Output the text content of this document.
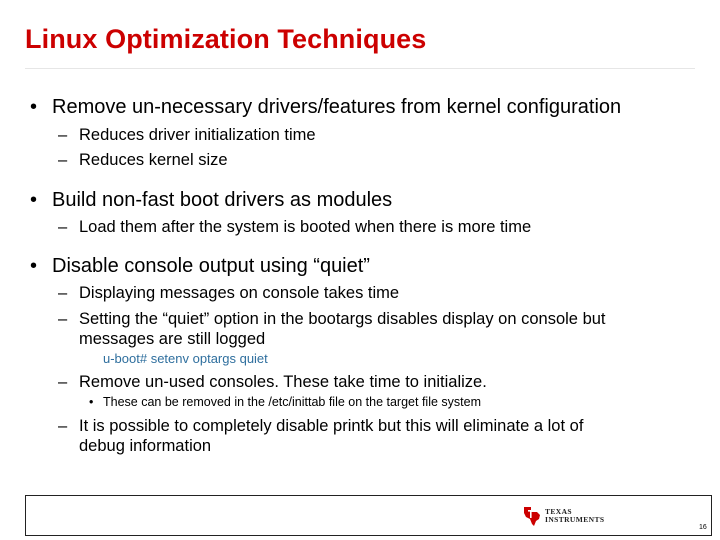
Linux Optimization Techniques
• Remove un-necessary drivers/features from kernel configuration
– Reduces driver initialization time
– Reduces kernel size
• Build non-fast boot drivers as modules
– Load them after the system is booted when there is more time
• Disable console output using “quiet”
– Displaying messages on console takes time
– Setting the “quiet” option in the bootargs disables display on console but
messages are still logged
u-boot# setenv optargs quiet
– Remove un-used consoles. These take time to initialize.
• These can be removed in the /etc/inittab file on the target file system
– It is possible to completely disable printk but this will eliminate a lot of
debug information
TEXAS
INSTRUMENTS
16
